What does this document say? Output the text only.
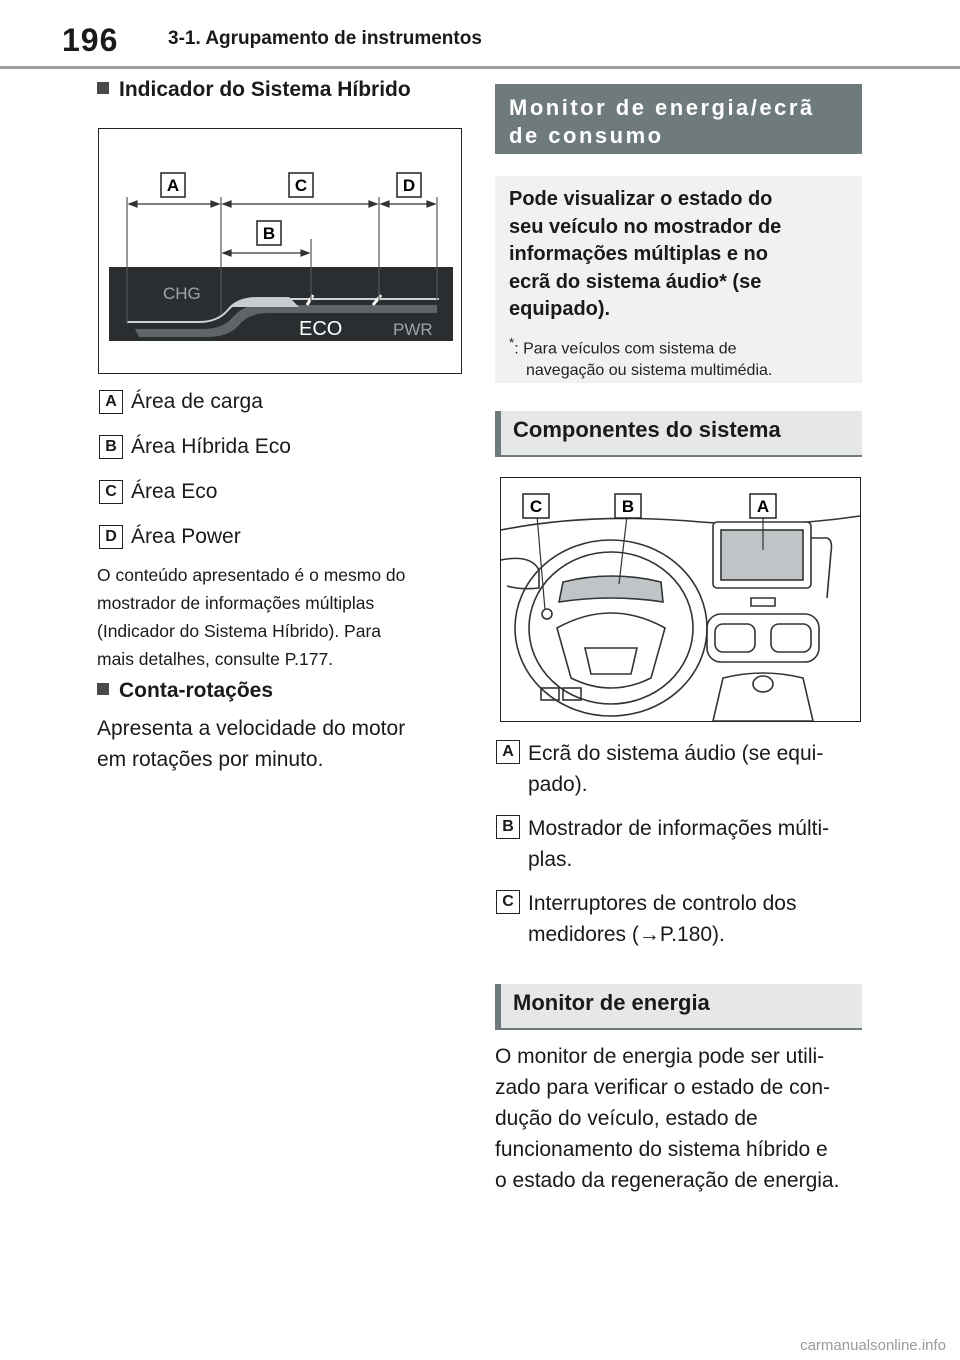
196	3-1. Agrupamento de instrumentos
Indicador do Sistema Híbrido
CHG
ECO	PWR
A	C	D
B
A Área de carga
B Área Híbrida Eco
C Área Eco
D Área Power
O conteúdo apresentado é o mesmo do
mostrador de informações múltiplas
(Indicador do Sistema Híbrido). Para
mais detalhes, consulte P.177.
Conta-rotações
Apresenta a velocidade do motor
em rotações por minuto.
Monitor de energia/ecrã
de consumo
Pode visualizar o estado do
seu veículo no mostrador de
informações múltiplas e no
ecrã do sistema áudio* (se
equipado).
*: Para veículos com sistema de
navegação ou sistema multimédia.
Componentes do sistema
C	B	A
A Ecrã do sistema áudio (se equi-
pado).
B Mostrador de informações múlti-
plas.
C Interruptores de controlo dos
medidores (→P.180).
Monitor de energia
O monitor de energia pode ser utili-
zado para verificar o estado de con-
dução do veículo, estado de
funcionamento do sistema híbrido e
o estado da regeneração de energia.
carmanualsonline.info
